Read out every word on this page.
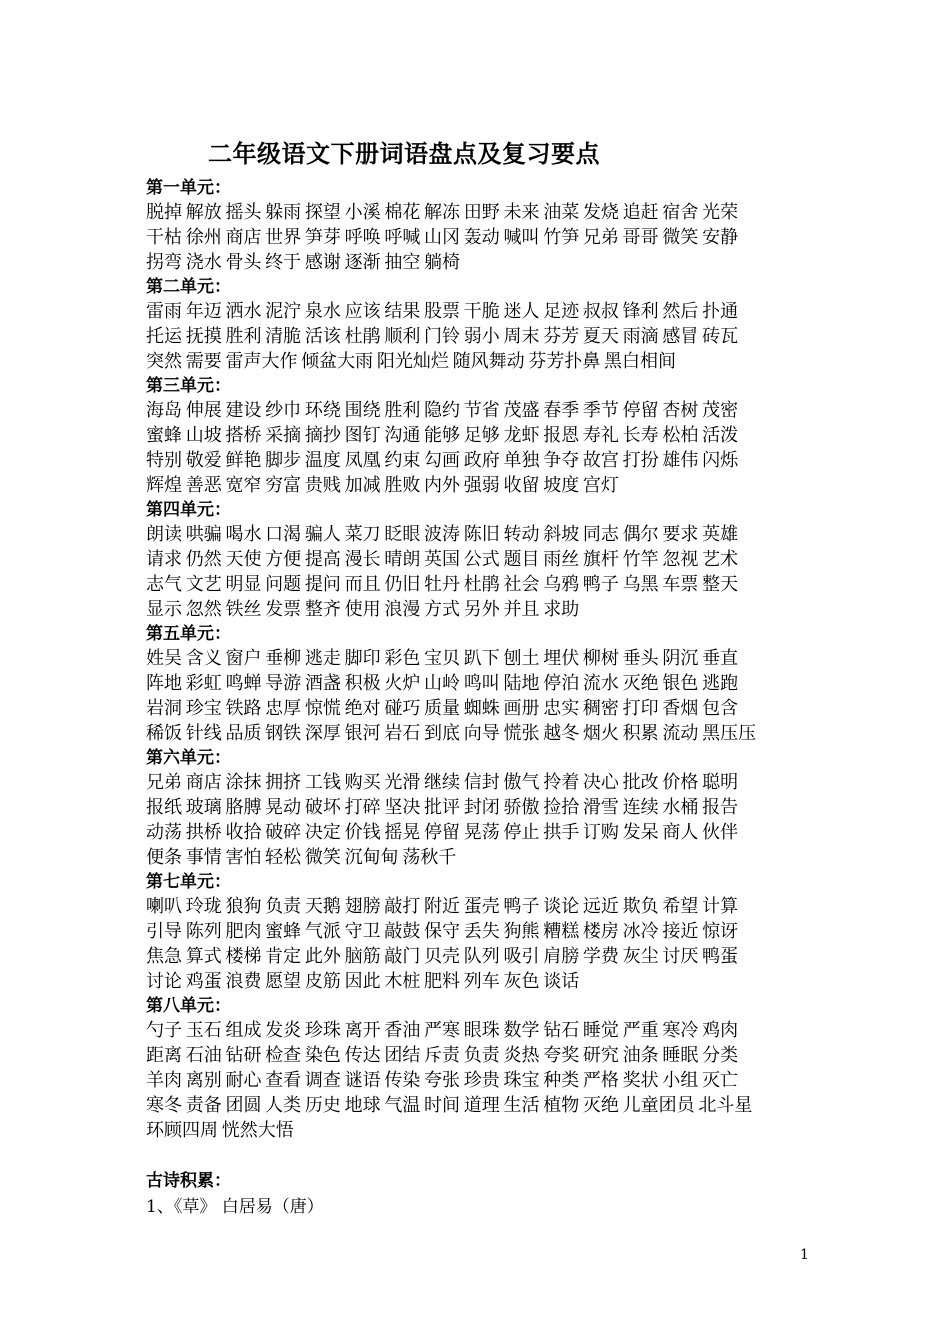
二年级语文下册词语盘点及复习要点
第一单元：
脱掉 解放 摇头 躲雨 探望 小溪 棉花 解冻 田野 未来 油菜 发烧 追赶 宿舍 光荣
干枯 徐州 商店 世界 笋芽 呼唤 呼喊 山冈 轰动 喊叫 竹笋 兄弟 哥哥 微笑 安静
拐弯 浇水 骨头 终于 感谢 逐渐 抽空 躺椅
第二单元：
雷雨 年迈 洒水 泥泞 泉水 应该 结果 股票 干脆 迷人 足迹 叔叔 锋利 然后 扑通
托运 抚摸 胜利 清脆 活该 杜鹃 顺利 门铃 弱小 周末 芬芳 夏天 雨滴 感冒 砖瓦
突然 需要 雷声大作 倾盆大雨 阳光灿烂 随风舞动 芬芳扑鼻 黑白相间
第三单元：
海岛 伸展 建设 纱巾 环绕 围绕 胜利 隐约 节省 茂盛 春季 季节 停留 杏树 茂密
蜜蜂 山坡 搭桥 采摘 摘抄 图钉 沟通 能够 足够 龙虾 报恩 寿礼 长寿 松柏 活泼
特别 敬爱 鲜艳 脚步 温度 凤凰 约束 勾画 政府 单独 争夺 故宫 打扮 雄伟 闪烁
辉煌 善恶 宽窄 穷富 贵贱 加减 胜败 内外 强弱 收留 坡度 宫灯
第四单元：
朗读 哄骗 喝水 口渴 骗人 菜刀 眨眼 波涛 陈旧 转动 斜坡 同志 偶尔 要求 英雄
请求 仍然 天使 方便 提高 漫长 晴朗 英国 公式 题目 雨丝 旗杆 竹竿 忽视 艺术
志气 文艺 明显 问题 提问 而且 仍旧 牡丹 杜鹃 社会 乌鸦 鸭子 乌黑 车票 整天
显示 忽然 铁丝 发票 整齐 使用 浪漫 方式 另外 并且 求助
第五单元：
姓吴 含义 窗户 垂柳 逃走 脚印 彩色 宝贝 趴下 刨土 埋伏 柳树 垂头 阴沉 垂直
阵地 彩虹 鸣蝉 导游 酒盏 积极 火炉 山岭 鸣叫 陆地 停泊 流水 灭绝 银色 逃跑
岩洞 珍宝 铁路 忠厚 惊慌 绝对 碰巧 质量 蜘蛛 画册 忠实 稠密 打印 香烟 包含
稀饭 针线 品质 钢铁 深厚 银河 岩石 到底 向导 慌张 越冬 烟火 积累 流动 黑压压
第六单元：
兄弟 商店 涂抹 拥挤 工钱 购买 光滑 继续 信封 傲气 拎着 决心 批改 价格 聪明
报纸 玻璃 胳膊 晃动 破坏 打碎 坚决 批评 封闭 骄傲 捡拾 滑雪 连续 水桶 报告
动荡 拱桥 收拾 破碎 决定 价钱 摇晃 停留 晃荡 停止 拱手 订购 发呆 商人 伙伴
便条 事情 害怕 轻松 微笑 沉甸甸 荡秋千
第七单元：
喇叭 玲珑 狼狗 负责 天鹅 翅膀 敲打 附近 蛋壳 鸭子 谈论 远近 欺负 希望 计算
引导 陈列 肥肉 蜜蜂 气派 守卫 敲鼓 保守 丢失 狗熊 糟糕 楼房 冰冷 接近 惊讶
焦急 算式 楼梯 肯定 此外 脑筋 敲门 贝壳 队列 吸引 肩膀 学费 灰尘 讨厌 鸭蛋
讨论 鸡蛋 浪费 愿望 皮筋 因此 木桩 肥料 列车 灰色 谈话
第八单元：
勺子 玉石 组成 发炎 珍珠 离开 香油 严寒 眼珠 数学 钻石 睡觉 严重 寒冷 鸡肉
距离 石油 钻研 检查 染色 传达 团结 斥责 负责 炎热 夸奖 研究 油条 睡眠 分类
羊肉 离别 耐心 查看 调查 谜语 传染 夸张 珍贵 珠宝 种类 严格 奖状 小组 灭亡
寒冬 责备 团圆 人类 历史 地球 气温 时间 道理 生活 植物 灭绝 儿童团员 北斗星
环顾四周 恍然大悟
古诗积累：
1、《草》 白居易（唐）
1
